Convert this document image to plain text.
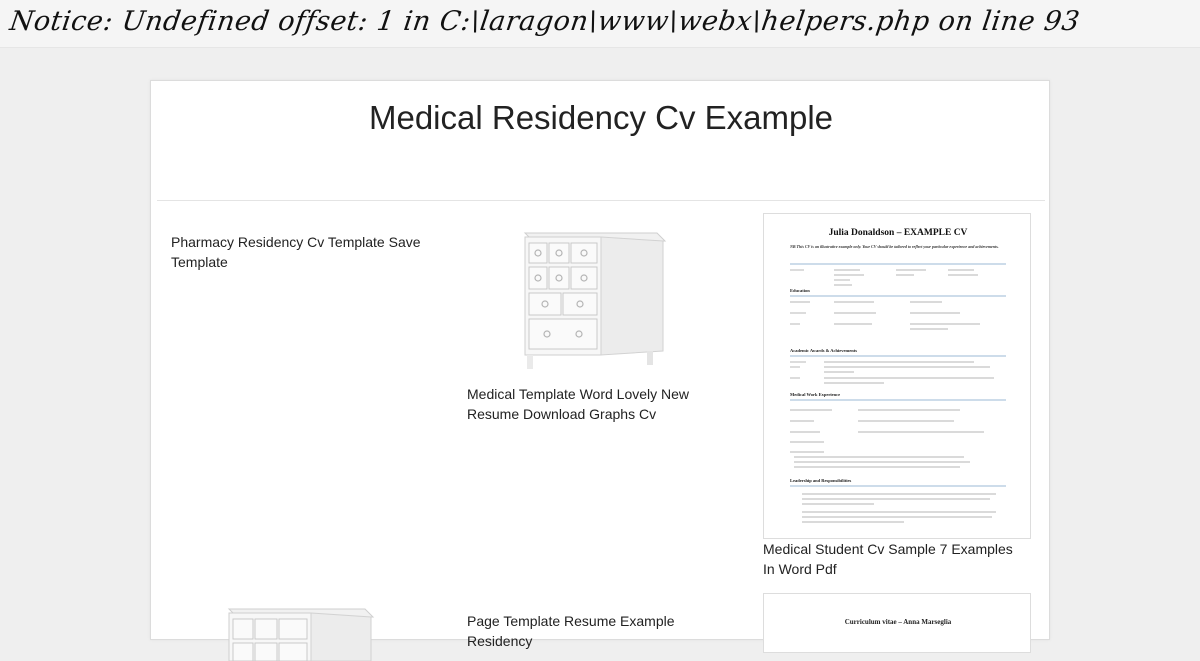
Notice: Undefined offset: 1 in C:\laragon\www\webx\helpers.php on line 93
Medical Residency Cv Example
Pharmacy Residency Cv Template Save Template
Medical Template Word Lovely New Resume Download Graphs Cv
Julia Donaldson – EXAMPLE CV
NB This CV is an illustrative example only. Your CV should be tailored to reflect your particular experience and achievements.
Education
Academic Awards & Achievements
Medical Work Experience
Leadership and Responsibilities
Medical Student Cv Sample 7 Examples In Word Pdf
Page Template Resume Example Residency
Curriculum vitae – Anna Marseglia
